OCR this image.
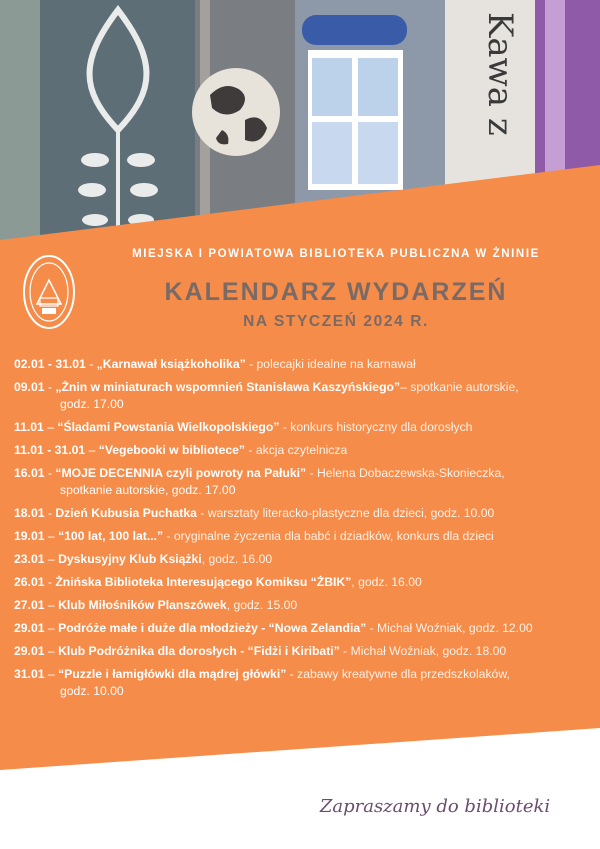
Kawa z
MIEJSKA I POWIATOWA BIBLIOTEKA PUBLICZNA W ŻNINIE
KALENDARZ WYDARZEŃ
NA STYCZEŃ 2024 R.
02.01 - 31.01 - „Karnawał książkoholika” - polecajki idealne na karnawał
09.01 - „Żnin w miniaturach wspomnień Stanisława Kaszyńskiego”– spotkanie autorskie,
godz. 17.00
11.01 – “Śladami Powstania Wielkopolskiego” - konkurs historyczny dla dorosłych
11.01 - 31.01 – “Vegebooki w bibliotece” - akcja czytelnicza
16.01 - “MOJE DECENNIA czyli powroty na Pałuki” - Helena Dobaczewska-Skonieczka,
spotkanie autorskie, godz. 17.00
18.01 - Dzień Kubusia Puchatka - warsztaty literacko-plastyczne dla dzieci, godz. 10.00
19.01 – “100 lat, 100 lat...” - oryginalne życzenia dla babć i dziadków, konkurs dla dzieci
23.01 – Dyskusyjny Klub Książki, godz. 16.00
26.01 - Żnińska Biblioteka Interesującego Komiksu “ŻBIK”, godz. 16.00
27.01 – Klub Miłośników Planszówek, godz. 15.00
29.01 – Podróże małe i duże dla młodzieży - “Nowa Zelandia” - Michał Woźniak, godz. 12.00
29.01 – Klub Podróżnika dla dorosłych - “Fidżi i Kiribati” - Michał Woźniak, godz. 18.00
31.01 – “Puzzle i łamigłówki dla mądrej główki” - zabawy kreatywne dla przedszkolaków,
godz. 10.00
Zapraszamy do biblioteki
